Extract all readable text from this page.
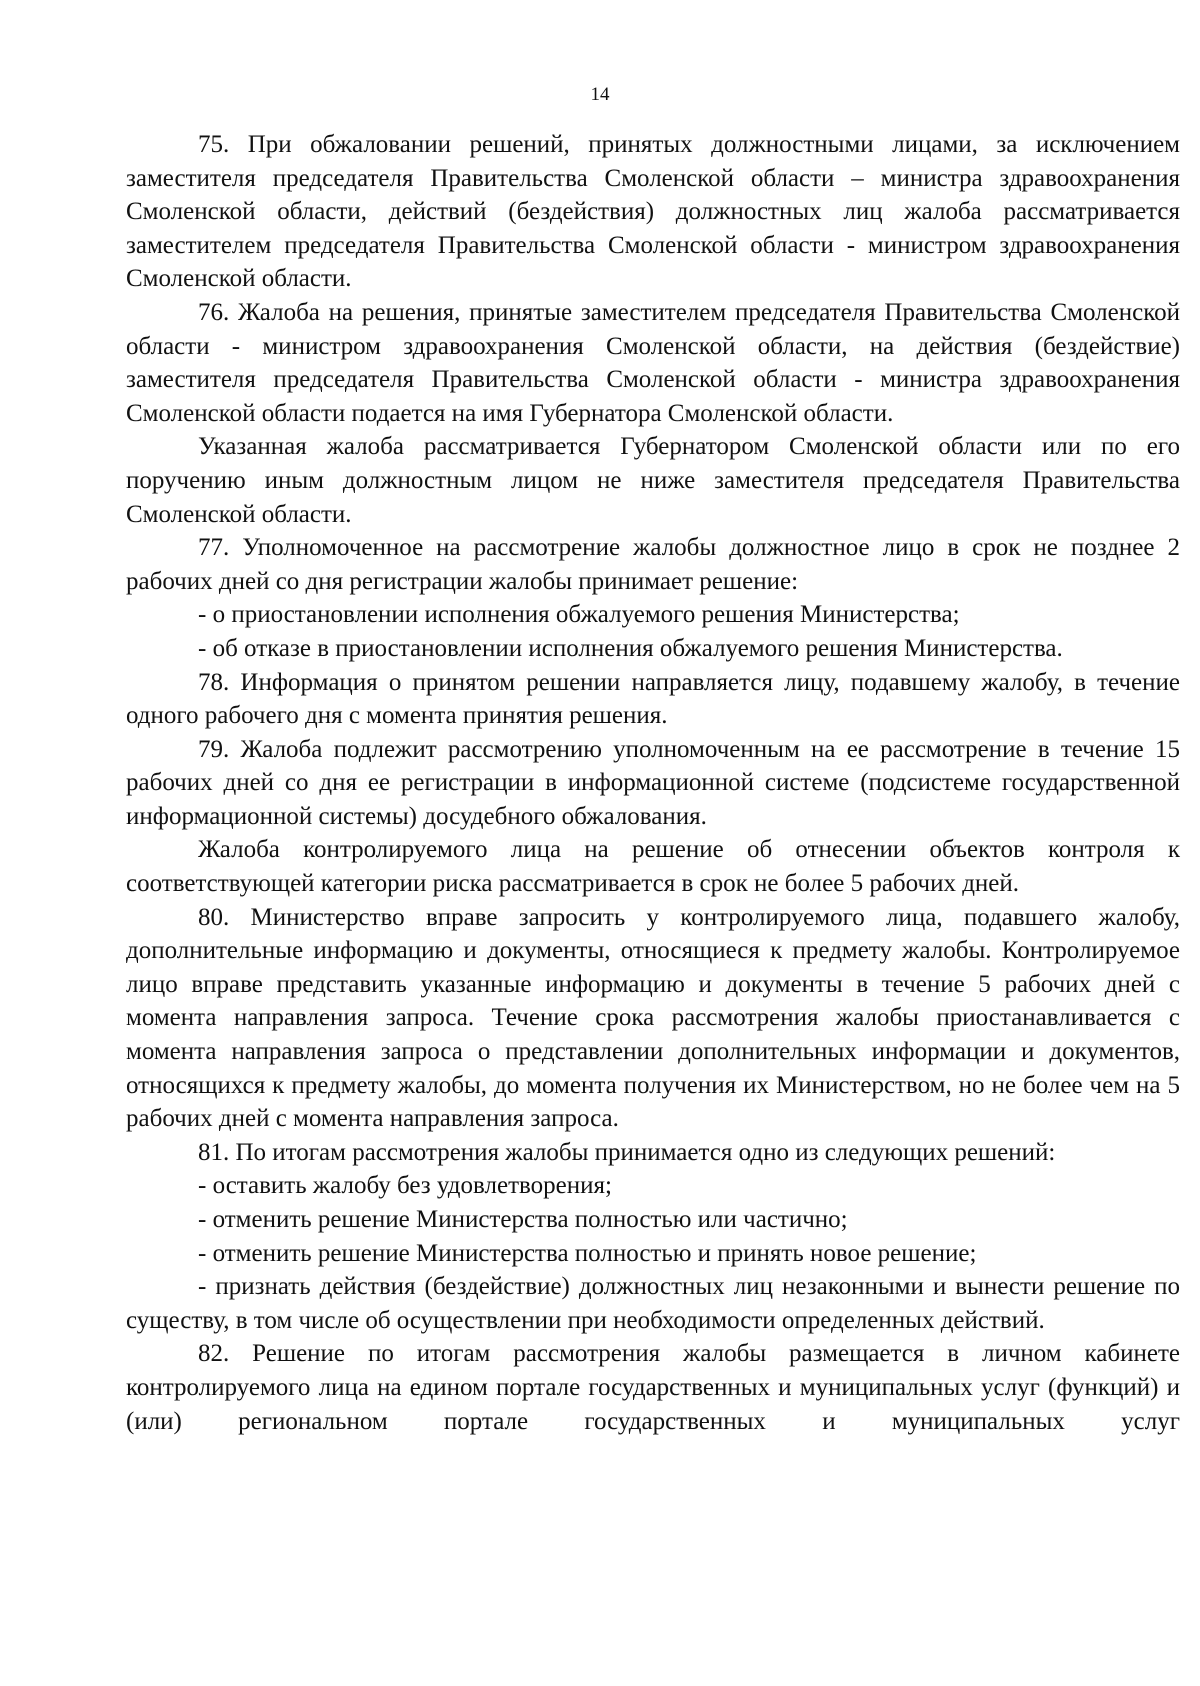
14

75. При обжаловании решений, принятых должностными лицами, за исключением заместителя председателя Правительства Смоленской области – министра здравоохранения Смоленской области, действий (бездействия) должностных лиц жалоба рассматривается заместителем председателя Правительства Смоленской области - министром здравоохранения Смоленской области.

76. Жалоба на решения, принятые заместителем председателя Правительства Смоленской области - министром здравоохранения Смоленской области, на действия (бездействие) заместителя председателя Правительства Смоленской области - министра здравоохранения Смоленской области подается на имя Губернатора Смоленской области.

Указанная жалоба рассматривается Губернатором Смоленской области или по его поручению иным должностным лицом не ниже заместителя председателя Правительства Смоленской области.

77. Уполномоченное на рассмотрение жалобы должностное лицо в срок не позднее 2 рабочих дней со дня регистрации жалобы принимает решение:

- о приостановлении исполнения обжалуемого решения Министерства;

- об отказе в приостановлении исполнения обжалуемого решения Министерства.

78. Информация о принятом решении направляется лицу, подавшему жалобу, в течение одного рабочего дня с момента принятия решения.

79. Жалоба подлежит рассмотрению уполномоченным на ее рассмотрение в течение 15 рабочих дней со дня ее регистрации в информационной системе (подсистеме государственной информационной системы) досудебного обжалования.

Жалоба контролируемого лица на решение об отнесении объектов контроля к соответствующей категории риска рассматривается в срок не более 5 рабочих дней.

80. Министерство вправе запросить у контролируемого лица, подавшего жалобу, дополнительные информацию и документы, относящиеся к предмету жалобы. Контролируемое лицо вправе представить указанные информацию и документы в течение 5 рабочих дней с момента направления запроса. Течение срока рассмотрения жалобы приостанавливается с момента направления запроса о представлении дополнительных информации и документов, относящихся к предмету жалобы, до момента получения их Министерством, но не более чем на 5 рабочих дней с момента направления запроса.

81. По итогам рассмотрения жалобы принимается одно из следующих решений:

- оставить жалобу без удовлетворения;

- отменить решение Министерства полностью или частично;

- отменить решение Министерства полностью и принять новое решение;

- признать действия (бездействие) должностных лиц незаконными и вынести решение по существу, в том числе об осуществлении при необходимости определенных действий.

82. Решение по итогам рассмотрения жалобы размещается в личном кабинете контролируемого лица на едином портале государственных и муниципальных услуг (функций) и (или) региональном портале государственных и муниципальных услуг
